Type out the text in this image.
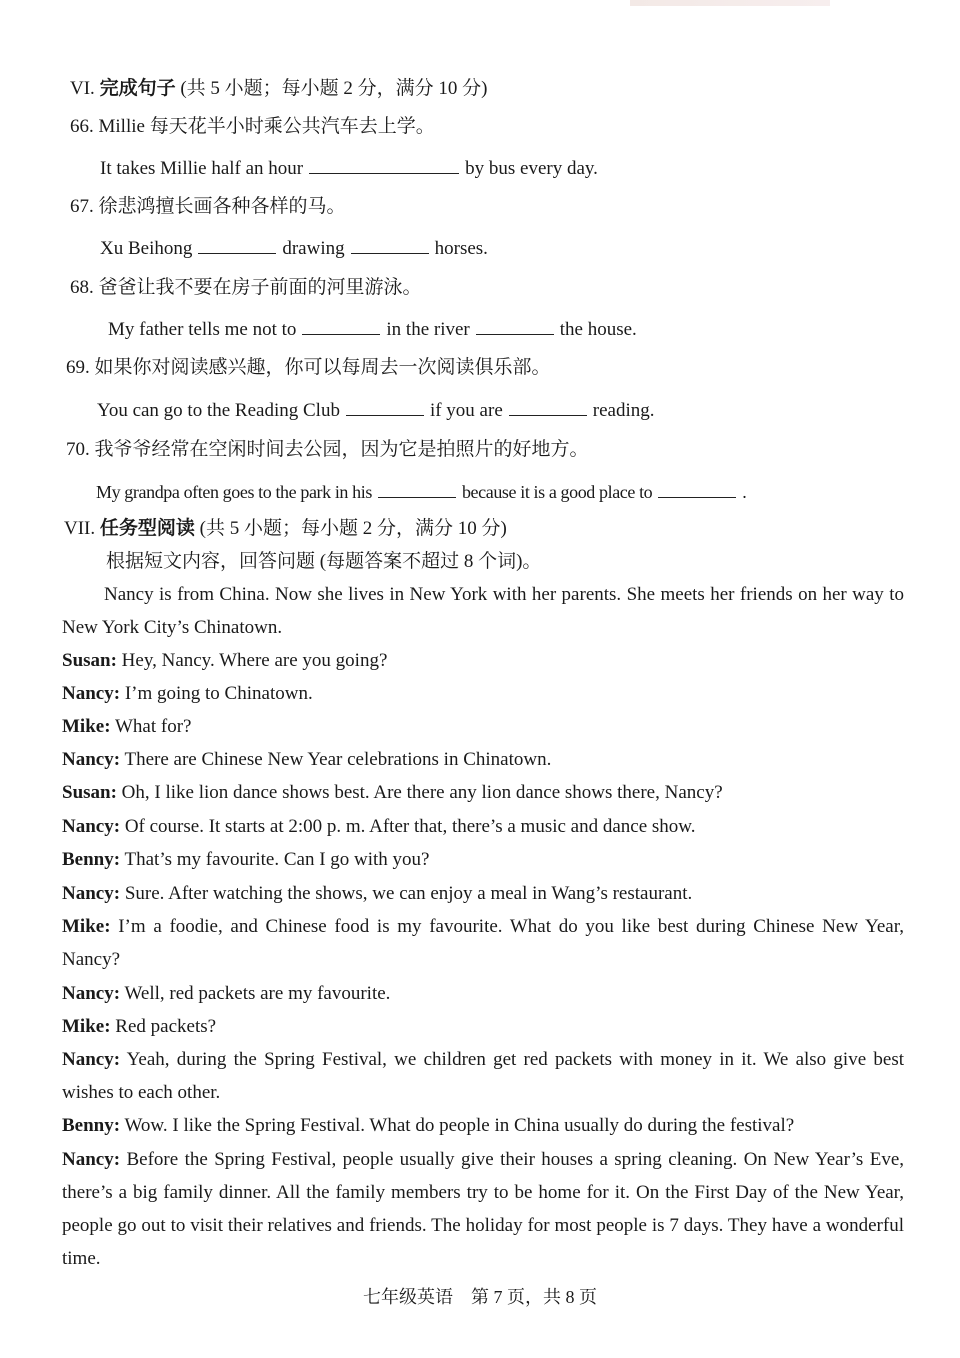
VI. 完成句子 (共 5 小题；每小题 2 分，满分 10 分)
66. Millie 每天花半小时乘公共汽车去上学。
It takes Millie half an hour	by bus every day.
67. 徐悲鸿擅长画各种各样的马。
Xu Beihong	drawing	horses.
68. 爸爸让我不要在房子前面的河里游泳。
My father tells me not to	in the river	the house.
69. 如果你对阅读感兴趣，你可以每周去一次阅读俱乐部。
You can go to the Reading Club	if you are	reading.
70. 我爷爷经常在空闲时间去公园，因为它是拍照片的好地方。
My grandpa often goes to the park in his	because it is a good place to	.
VII. 任务型阅读 (共 5 小题；每小题 2 分，满分 10 分)
根据短文内容，回答问题 (每题答案不超过 8 个词)。
Nancy is from China. Now she lives in New York with her parents. She meets her friends on her way to New York City’s Chinatown.
Susan: Hey, Nancy. Where are you going?
Nancy: I’m going to Chinatown.
Mike: What for?
Nancy: There are Chinese New Year celebrations in Chinatown.
Susan: Oh, I like lion dance shows best. Are there any lion dance shows there, Nancy?
Nancy: Of course. It starts at 2:00 p. m. After that, there’s a music and dance show.
Benny: That’s my favourite. Can I go with you?
Nancy: Sure. After watching the shows, we can enjoy a meal in Wang’s restaurant.
Mike: I’m a foodie, and Chinese food is my favourite. What do you like best during Chinese New Year, Nancy?
Nancy: Well, red packets are my favourite.
Mike: Red packets?
Nancy: Yeah, during the Spring Festival, we children get red packets with money in it. We also give best wishes to each other.
Benny: Wow. I like the Spring Festival. What do people in China usually do during the festival?
Nancy: Before the Spring Festival, people usually give their houses a spring cleaning. On New Year’s Eve, there’s a big family dinner. All the family members try to be home for it. On the First Day of the New Year, people go out to visit their relatives and friends. The holiday for most people is 7 days. They have a wonderful time.
七年级英语　第 7 页，共 8 页
